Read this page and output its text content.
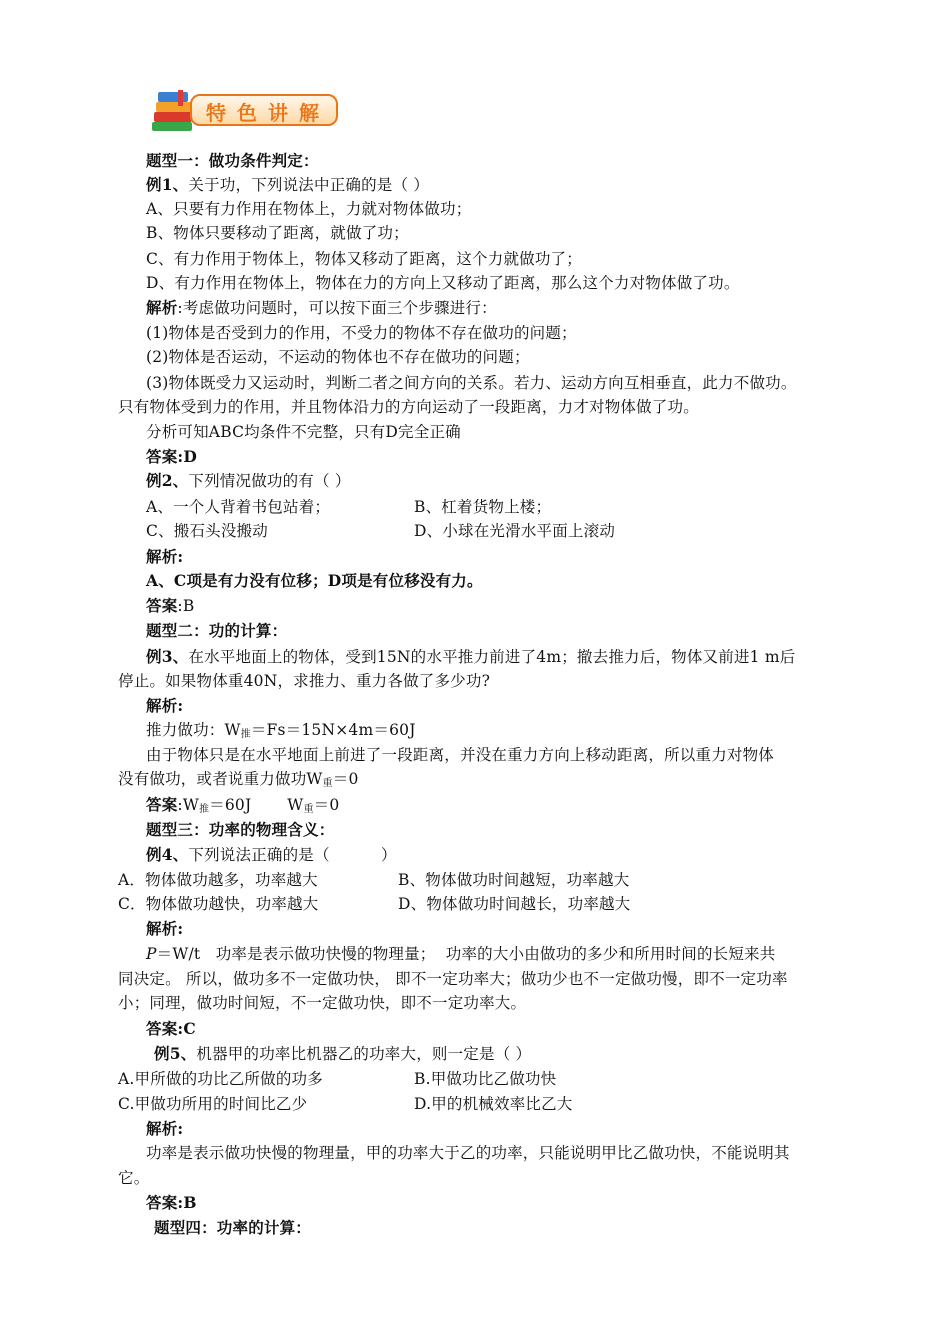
特色讲解
题型一：做功条件判定：
例1、关于功，下列说法中正确的是（ ）
A、只要有力作用在物体上，力就对物体做功；
B、物体只要移动了距离，就做了功；
C、有力作用于物体上，物体又移动了距离，这个力就做功了；
D、有力作用在物体上，物体在力的方向上又移动了距离，那么这个力对物体做了功。
解析:考虑做功问题时，可以按下面三个步骤进行：
(1)物体是否受到力的作用，不受力的物体不存在做功的问题；
(2)物体是否运动，不运动的物体也不存在做功的问题；
(3)物体既受力又运动时，判断二者之间方向的关系。若力、运动方向互相垂直，此力不做功。
只有物体受到力的作用，并且物体沿力的方向运动了一段距离，力才对物体做了功。
分析可知ABC均条件不完整，只有D完全正确
答案:D
例2、下列情况做功的有（ ）
A、一个人背着书包站着；	B、杠着货物上楼；
C、搬石头没搬动	D、小球在光滑水平面上滚动
解析:
A、C项是有力没有位移；D项是有位移没有力。
答案:B
题型二：功的计算：
例3、在水平地面上的物体，受到15N的水平推力前进了4m；撤去推力后，物体又前进1 m后
停止。如果物体重40N，求推力、重力各做了多少功?
解析:
推力做功：$W_推=Fs=15N\times 4m=60J$
由于物体只是在水平地面上前进了一段距离，并没在重力方向上移动距离，所以重力对物体
没有做功，或者说重力做功$W_重=0$
答案$:W_推=60J$       $W_重=0$
题型三：功率的物理含义：
例4、下列说法正确的是（          ）
A．物体做功越多，功率越大	B、物体做功时间越短，功率越大
C．物体做功越快，功率越大	D、物体做功时间越长，功率越大
解析:
P＝W/t   功率是表示做功快慢的物理量；  功率的大小由做功的多少和所用时间的长短来共
同决定。 所以，做功多不一定做功快， 即不一定功率大；做功少也不一定做功慢，即不一定功率
小；同理，做功时间短，不一定做功快，即不一定功率大。
答案:C
例5、机器甲的功率比机器乙的功率大，则一定是（ ）
A.甲所做的功比乙所做的功多	B.甲做功比乙做功快
C.甲做功所用的时间比乙少	D.甲的机械效率比乙大
解析:
功率是表示做功快慢的物理量，甲的功率大于乙的功率，只能说明甲比乙做功快，不能说明其
它。
答案:B
题型四：功率的计算：
